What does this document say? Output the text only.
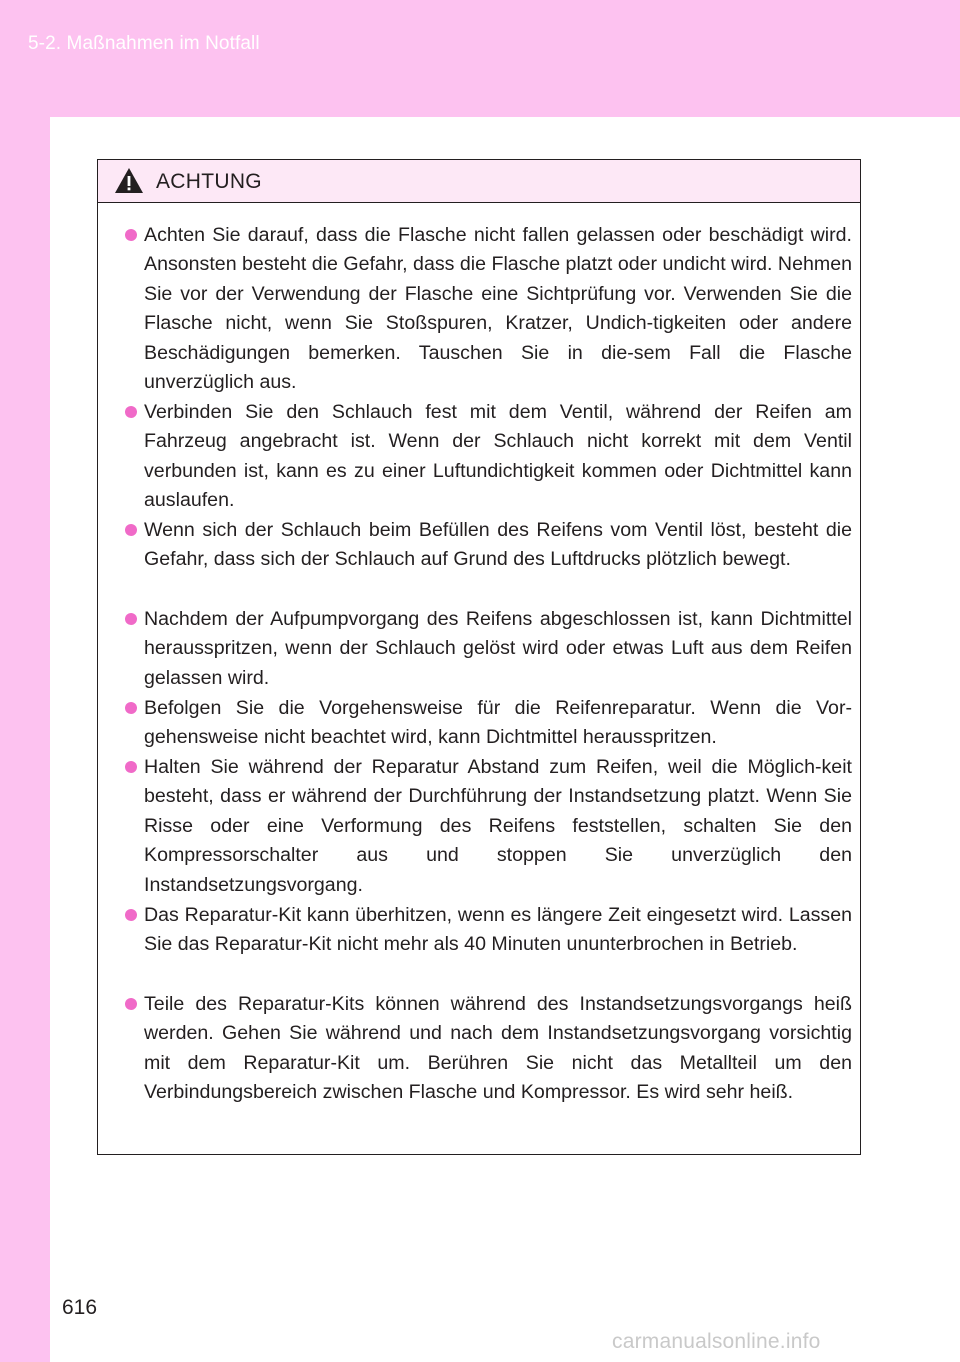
5-2. Maßnahmen im Notfall
ACHTUNG
Achten Sie darauf, dass die Flasche nicht fallen gelassen oder beschädigt wird. Ansonsten besteht die Gefahr, dass die Flasche platzt oder undicht wird. Nehmen Sie vor der Verwendung der Flasche eine Sichtprüfung vor. Verwenden Sie die Flasche nicht, wenn Sie Stoßspuren, Kratzer, Undich-tigkeiten oder andere Beschädigungen bemerken. Tauschen Sie in die-sem Fall die Flasche unverzüglich aus.
Verbinden Sie den Schlauch fest mit dem Ventil, während der Reifen am Fahrzeug angebracht ist. Wenn der Schlauch nicht korrekt mit dem Ventil verbunden ist, kann es zu einer Luftundichtigkeit kommen oder Dichtmittel kann auslaufen.
Wenn sich der Schlauch beim Befüllen des Reifens vom Ventil löst, besteht die Gefahr, dass sich der Schlauch auf Grund des Luftdrucks plötzlich bewegt.
Nachdem der Aufpumpvorgang des Reifens abgeschlossen ist, kann Dichtmittel herausspritzen, wenn der Schlauch gelöst wird oder etwas Luft aus dem Reifen gelassen wird.
Befolgen Sie die Vorgehensweise für die Reifenreparatur. Wenn die Vor-gehensweise nicht beachtet wird, kann Dichtmittel herausspritzen.
Halten Sie während der Reparatur Abstand zum Reifen, weil die Möglich-keit besteht, dass er während der Durchführung der Instandsetzung platzt. Wenn Sie Risse oder eine Verformung des Reifens feststellen, schalten Sie den Kompressorschalter aus und stoppen Sie unverzüglich den Instandsetzungsvorgang.
Das Reparatur-Kit kann überhitzen, wenn es längere Zeit eingesetzt wird. Lassen Sie das Reparatur-Kit nicht mehr als 40 Minuten ununterbrochen in Betrieb.
Teile des Reparatur-Kits können während des Instandsetzungsvorgangs heiß werden. Gehen Sie während und nach dem Instandsetzungsvorgang vorsichtig mit dem Reparatur-Kit um. Berühren Sie nicht das Metallteil um den Verbindungsbereich zwischen Flasche und Kompressor. Es wird sehr heiß.
616
carmanualsonline.info
